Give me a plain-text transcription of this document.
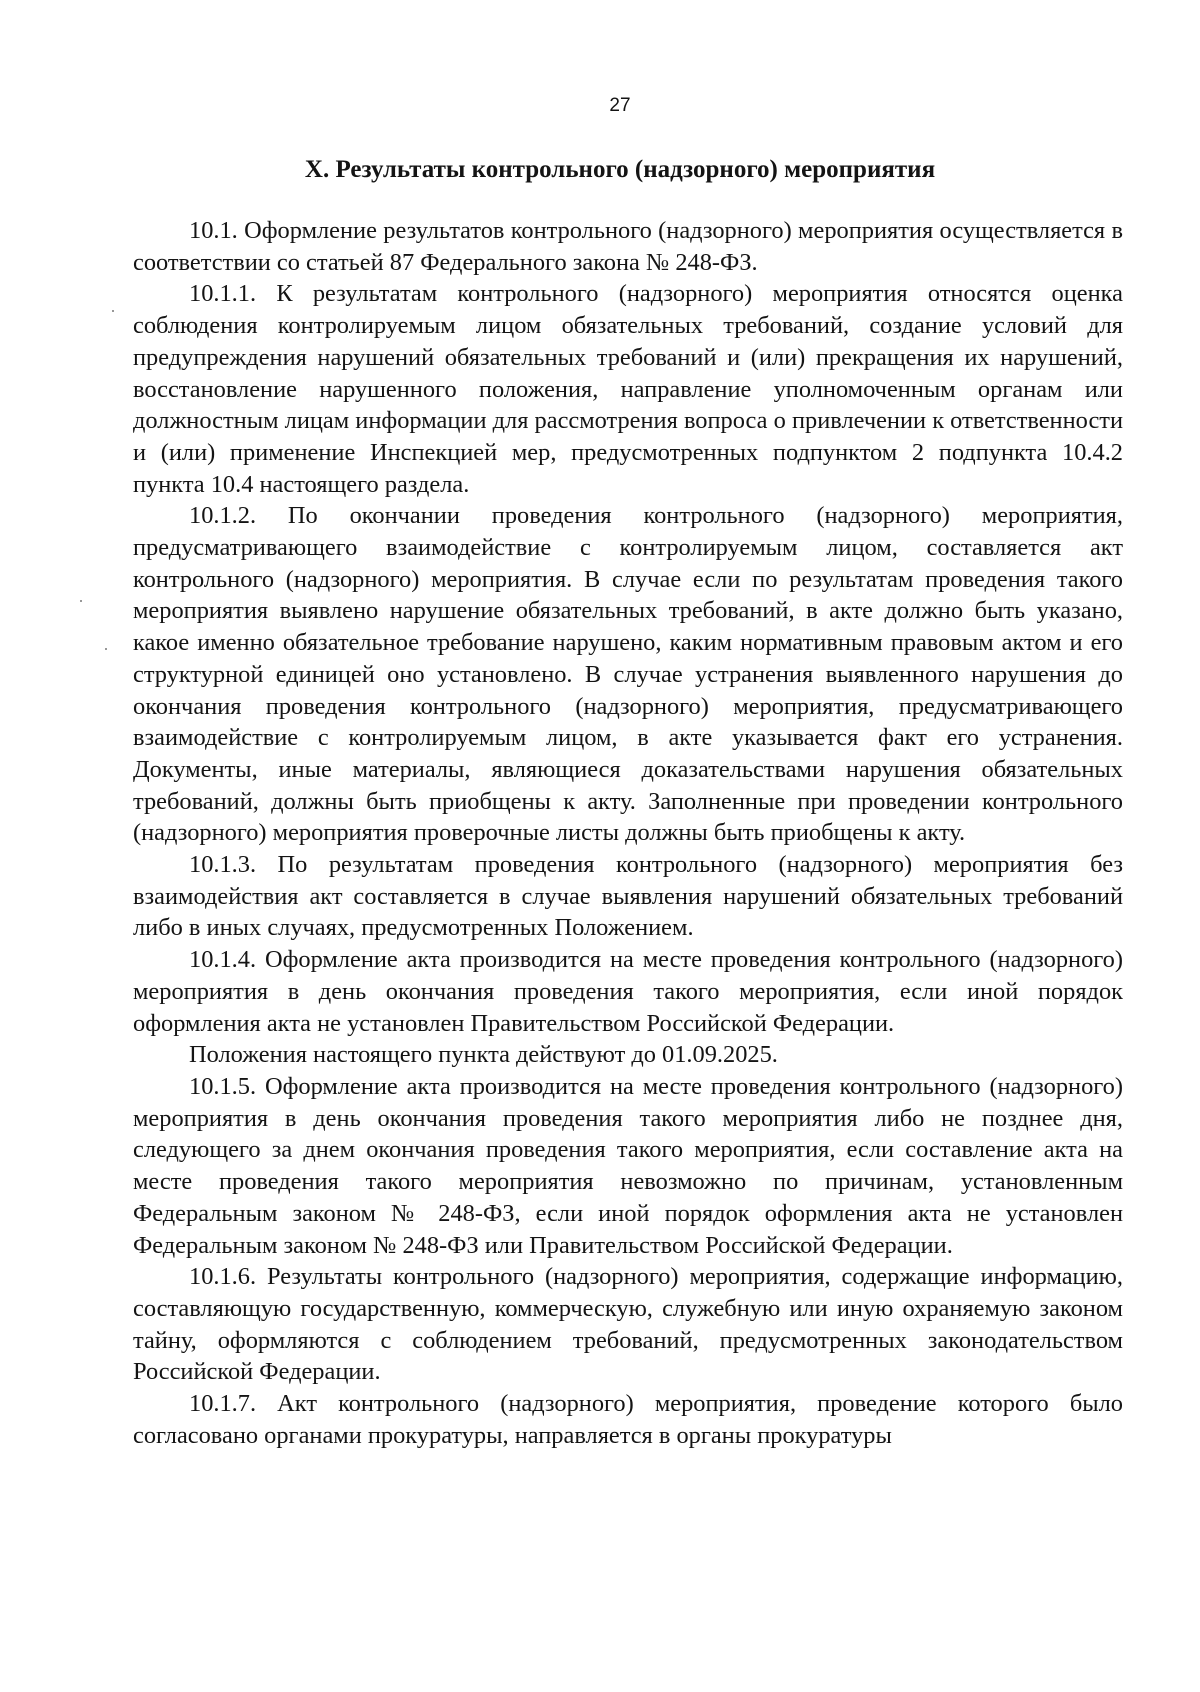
27
X. Результаты контрольного (надзорного) мероприятия

10.1. Оформление результатов контрольного (надзорного) мероприятия осуществляется в соответствии со статьей 87 Федерального закона № 248-ФЗ.

10.1.1. К результатам контрольного (надзорного) мероприятия относятся оценка соблюдения контролируемым лицом обязательных требований, создание условий для предупреждения нарушений обязательных требований и (или) прекращения их нарушений, восстановление нарушенного положения, направление уполномоченным органам или должностным лицам информации для рассмотрения вопроса о привлечении к ответственности и (или) применение Инспекцией мер, предусмотренных подпунктом 2 подпункта 10.4.2 пункта 10.4 настоящего раздела.

10.1.2. По окончании проведения контрольного (надзорного) мероприятия, предусматривающего взаимодействие с контролируемым лицом, составляется акт контрольного (надзорного) мероприятия. В случае если по результатам проведения такого мероприятия выявлено нарушение обязательных требований, в акте должно быть указано, какое именно обязательное требование нарушено, каким нормативным правовым актом и его структурной единицей оно установлено. В случае устранения выявленного нарушения до окончания проведения контрольного (надзорного) мероприятия, предусматривающего взаимодействие с контролируемым лицом, в акте указывается факт его устранения. Документы, иные материалы, являющиеся доказательствами нарушения обязательных требований, должны быть приобщены к акту. Заполненные при проведении контрольного (надзорного) мероприятия проверочные листы должны быть приобщены к акту.

10.1.3. По результатам проведения контрольного (надзорного) мероприятия без взаимодействия акт составляется в случае выявления нарушений обязательных требований либо в иных случаях, предусмотренных Положением.

10.1.4. Оформление акта производится на месте проведения контрольного (надзорного) мероприятия в день окончания проведения такого мероприятия, если иной порядок оформления акта не установлен Правительством Российской Федерации.

Положения настоящего пункта действуют до 01.09.2025.

10.1.5. Оформление акта производится на месте проведения контрольного (надзорного) мероприятия в день окончания проведения такого мероприятия либо не позднее дня, следующего за днем окончания проведения такого мероприятия, если составление акта на месте проведения такого мероприятия невозможно по причинам, установленным Федеральным законом № 248-ФЗ, если иной порядок оформления акта не установлен Федеральным законом № 248-ФЗ или Правительством Российской Федерации.

10.1.6. Результаты контрольного (надзорного) мероприятия, содержащие информацию, составляющую государственную, коммерческую, служебную или иную охраняемую законом тайну, оформляются с соблюдением требований, предусмотренных законодательством Российской Федерации.

10.1.7. Акт контрольного (надзорного) мероприятия, проведение которого было согласовано органами прокуратуры, направляется в органы прокуратуры
